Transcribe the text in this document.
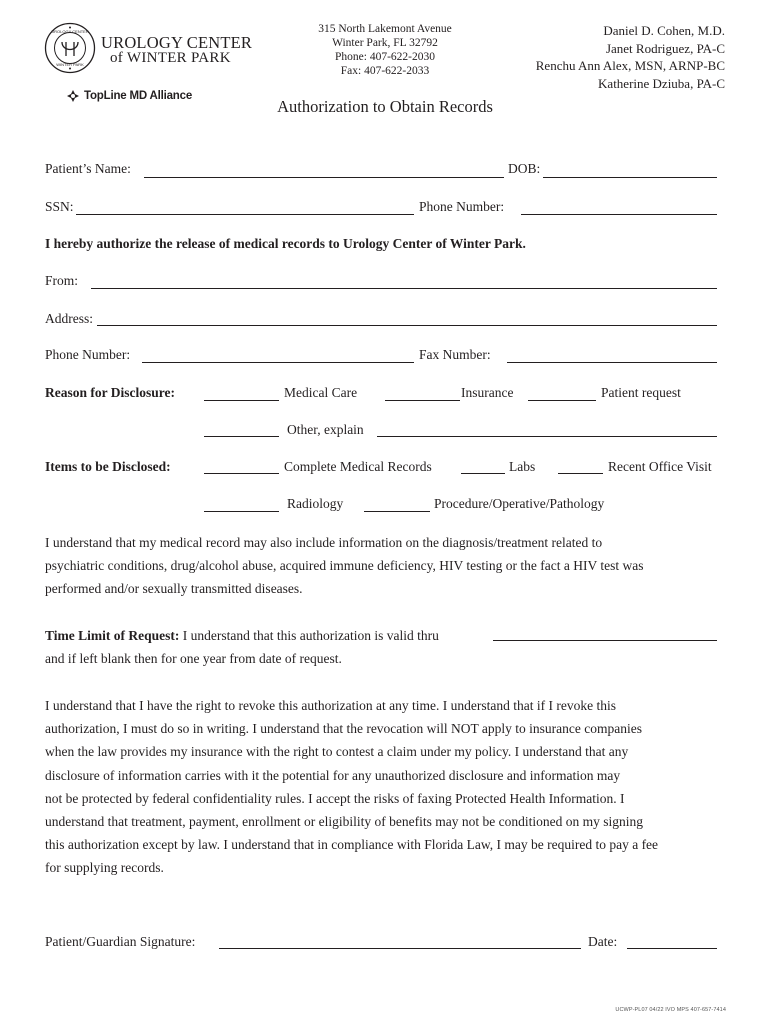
UROLOGY CENTER
WINTER PARK
UROLOGY CENTER
of WINTER PARK
TopLine MD Alliance
315 North Lakemont Avenue
Winter Park, FL 32792
Phone: 407-622-2030
Fax: 407-622-2033
Daniel D. Cohen, M.D.
Janet Rodriguez, PA-C
Renchu Ann Alex, MSN, ARNP-BC
Katherine Dziuba, PA-C
Authorization to Obtain Records
Patient’s Name:	DOB:
SSN:	Phone Number:
I hereby authorize the release of medical records to Urology Center of Winter Park.
From:
Address:
Phone Number:	Fax Number:
Reason for Disclosure:	Medical Care	Insurance	Patient request
Other, explain
Items to be Disclosed:	Complete Medical Records	Labs	Recent Office Visit
Radiology	Procedure/Operative/Pathology

I understand that my medical record may also include information on the diagnosis/treatment related to

psychiatric conditions, drug/alcohol abuse, acquired immune deficiency, HIV testing or the fact a HIV test was

performed and/or sexually transmitted diseases.

Time Limit of Request: I understand that this authorization is valid thru

and if left blank then for one year from date of request.

I understand that I have the right to revoke this authorization at any time. I understand that if I revoke this

authorization, I must do so in writing. I understand that the revocation will NOT apply to insurance companies

when the law provides my insurance with the right to contest a claim under my policy. I understand that any

disclosure of information carries with it the potential for any unauthorized disclosure and information may

not be protected by federal confidentiality rules. I accept the risks of faxing Protected Health Information. I

understand that treatment, payment, enrollment or eligibility of benefits may not be conditioned on my signing

this authorization except by law. I understand that in compliance with Florida Law, I may be required to pay a fee

for supplying records.

Patient/Guardian Signature:	Date:
UCWP-PL07 04/22 IVO MPS 407-657-7414
